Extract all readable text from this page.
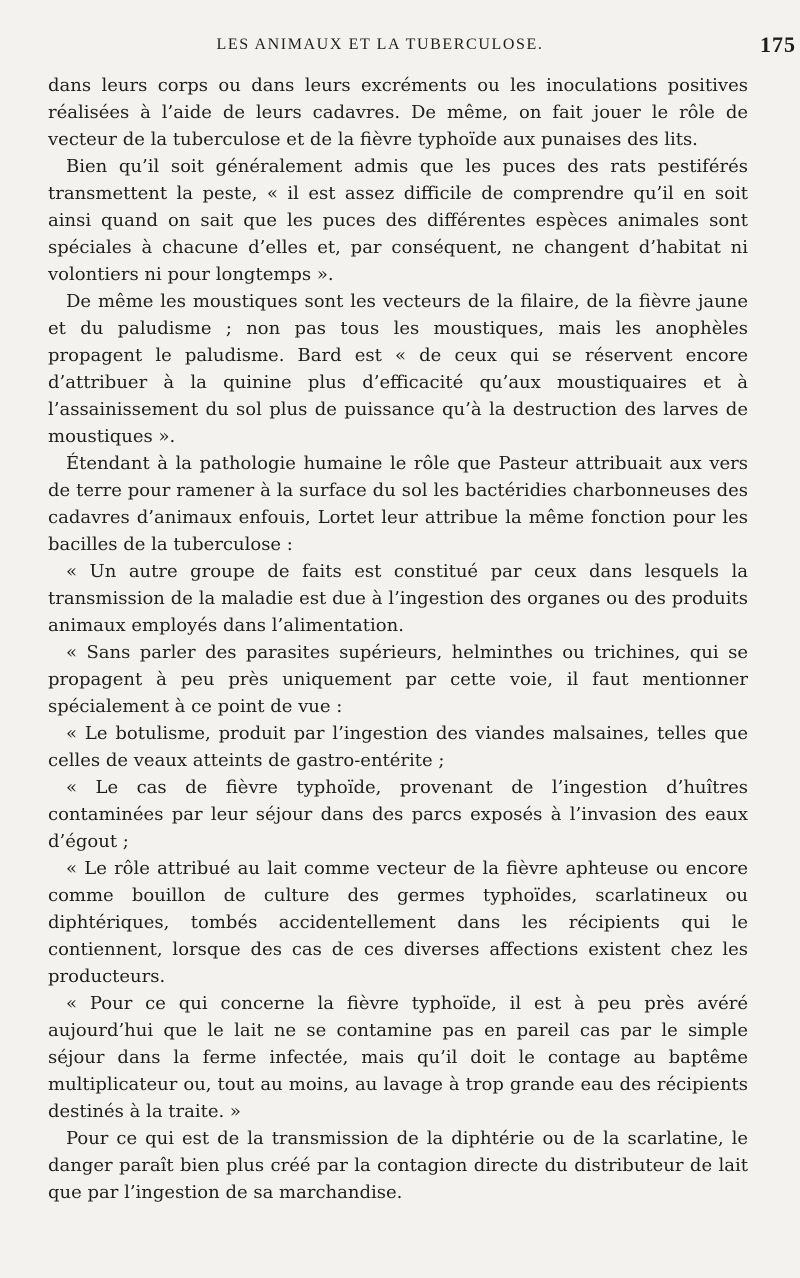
LES ANIMAUX ET LA TUBERCULOSE.	175

dans leurs corps ou dans leurs excréments ou les inoculations positives réalisées à l’aide de leurs cadavres. De même, on fait jouer le rôle de vecteur de la tuberculose et de la fièvre typhoïde aux punaises des lits.

Bien qu’il soit généralement admis que les puces des rats pestiférés transmettent la peste, « il est assez difficile de comprendre qu’il en soit ainsi quand on sait que les puces des différentes espèces animales sont spéciales à chacune d’elles et, par conséquent, ne changent d’habitat ni volontiers ni pour longtemps ».

De même les moustiques sont les vecteurs de la filaire, de la fièvre jaune et du paludisme ; non pas tous les moustiques, mais les anophèles propagent le paludisme. Bard est « de ceux qui se réservent encore d’attribuer à la quinine plus d’efficacité qu’aux moustiquaires et à l’assainissement du sol plus de puissance qu’à la destruction des larves de moustiques ».

Étendant à la pathologie humaine le rôle que Pasteur attribuait aux vers de terre pour ramener à la surface du sol les bactéridies charbonneuses des cadavres d’animaux enfouis, Lortet leur attribue la même fonction pour les bacilles de la tuberculose :

« Un autre groupe de faits est constitué par ceux dans lesquels la transmission de la maladie est due à l’ingestion des organes ou des produits animaux employés dans l’alimentation.

« Sans parler des parasites supérieurs, helminthes ou trichines, qui se propagent à peu près uniquement par cette voie, il faut mentionner spécialement à ce point de vue :

« Le botulisme, produit par l’ingestion des viandes malsaines, telles que celles de veaux atteints de gastro-entérite ;

« Le cas de fièvre typhoïde, provenant de l’ingestion d’huîtres contaminées par leur séjour dans des parcs exposés à l’invasion des eaux d’égout ;

« Le rôle attribué au lait comme vecteur de la fièvre aphteuse ou encore comme bouillon de culture des germes typhoïdes, scarlatineux ou diphtériques, tombés accidentellement dans les récipients qui le contiennent, lorsque des cas de ces diverses affections existent chez les producteurs.

« Pour ce qui concerne la fièvre typhoïde, il est à peu près avéré aujourd’hui que le lait ne se contamine pas en pareil cas par le simple séjour dans la ferme infectée, mais qu’il doit le contage au baptême multiplicateur ou, tout au moins, au lavage à trop grande eau des récipients destinés à la traite. »

Pour ce qui est de la transmission de la diphtérie ou de la scarlatine, le danger paraît bien plus créé par la contagion directe du distributeur de lait que par l’ingestion de sa marchandise.
